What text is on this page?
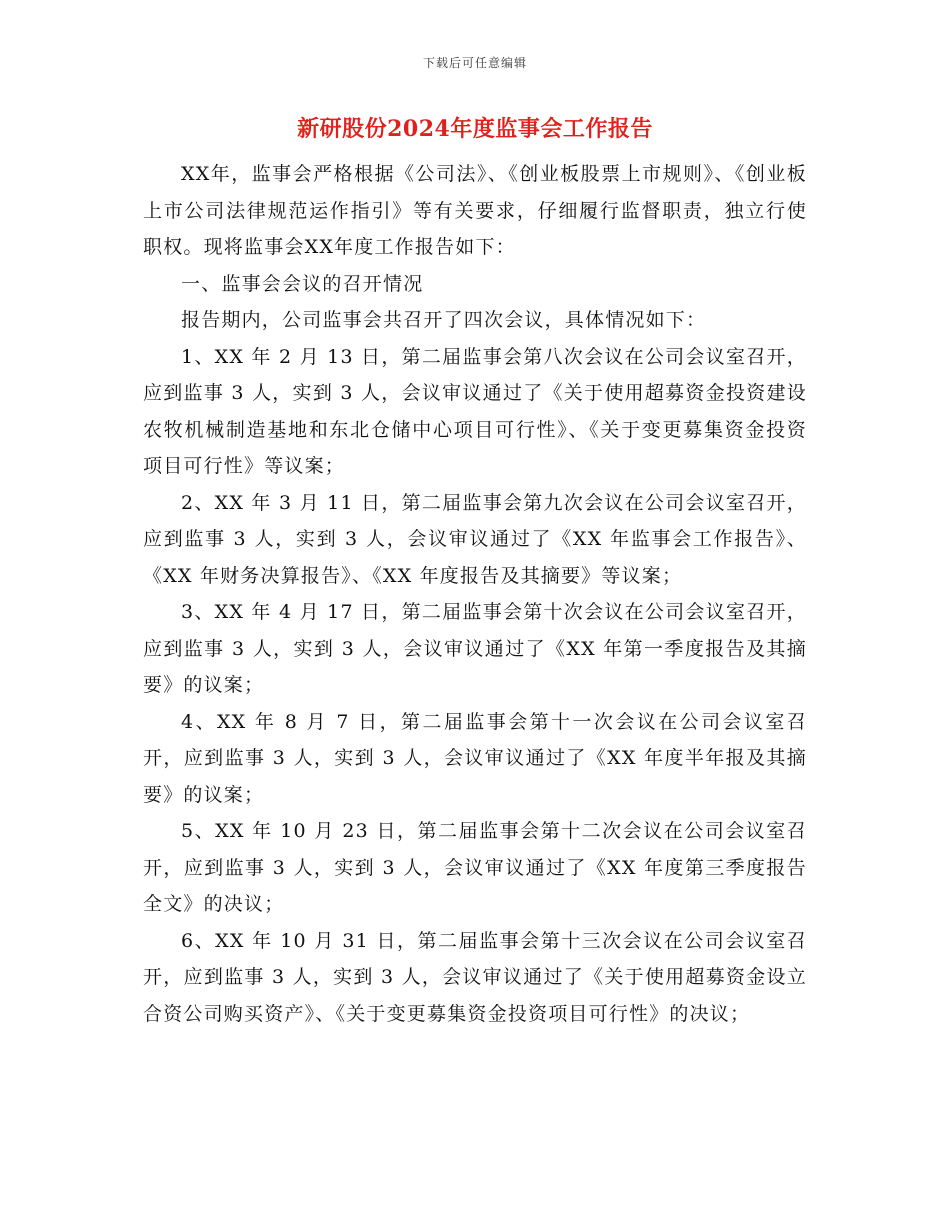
下载后可任意编辑
新研股份2024年度监事会工作报告

XX年，监事会严格根据《公司法》、《创业板股票上市规则》、《创业板上市公司法律规范运作指引》等有关要求，仔细履行监督职责，独立行使职权。现将监事会XX年度工作报告如下：

一、监事会会议的召开情况

报告期内，公司监事会共召开了四次会议，具体情况如下：

1、XX 年 2 月 13 日，第二届监事会第八次会议在公司会议室召开，应到监事 3 人，实到 3 人，会议审议通过了《关于使用超募资金投资建设农牧机械制造基地和东北仓储中心项目可行性》、《关于变更募集资金投资项目可行性》等议案；

2、XX 年 3 月 11 日，第二届监事会第九次会议在公司会议室召开，应到监事 3 人，实到 3 人，会议审议通过了《XX 年监事会工作报告》、《XX 年财务决算报告》、《XX 年度报告及其摘要》等议案；

3、XX 年 4 月 17 日，第二届监事会第十次会议在公司会议室召开，应到监事 3 人，实到 3 人，会议审议通过了《XX 年第一季度报告及其摘要》的议案；

4、XX 年 8 月 7 日，第二届监事会第十一次会议在公司会议室召开，应到监事 3 人，实到 3 人，会议审议通过了《XX 年度半年报及其摘要》的议案；

5、XX 年 10 月 23 日，第二届监事会第十二次会议在公司会议室召开，应到监事 3 人，实到 3 人，会议审议通过了《XX 年度第三季度报告全文》的决议；

6、XX 年 10 月 31 日，第二届监事会第十三次会议在公司会议室召开，应到监事 3 人，实到 3 人，会议审议通过了《关于使用超募资金设立合资公司购买资产》、《关于变更募集资金投资项目可行性》的决议；
